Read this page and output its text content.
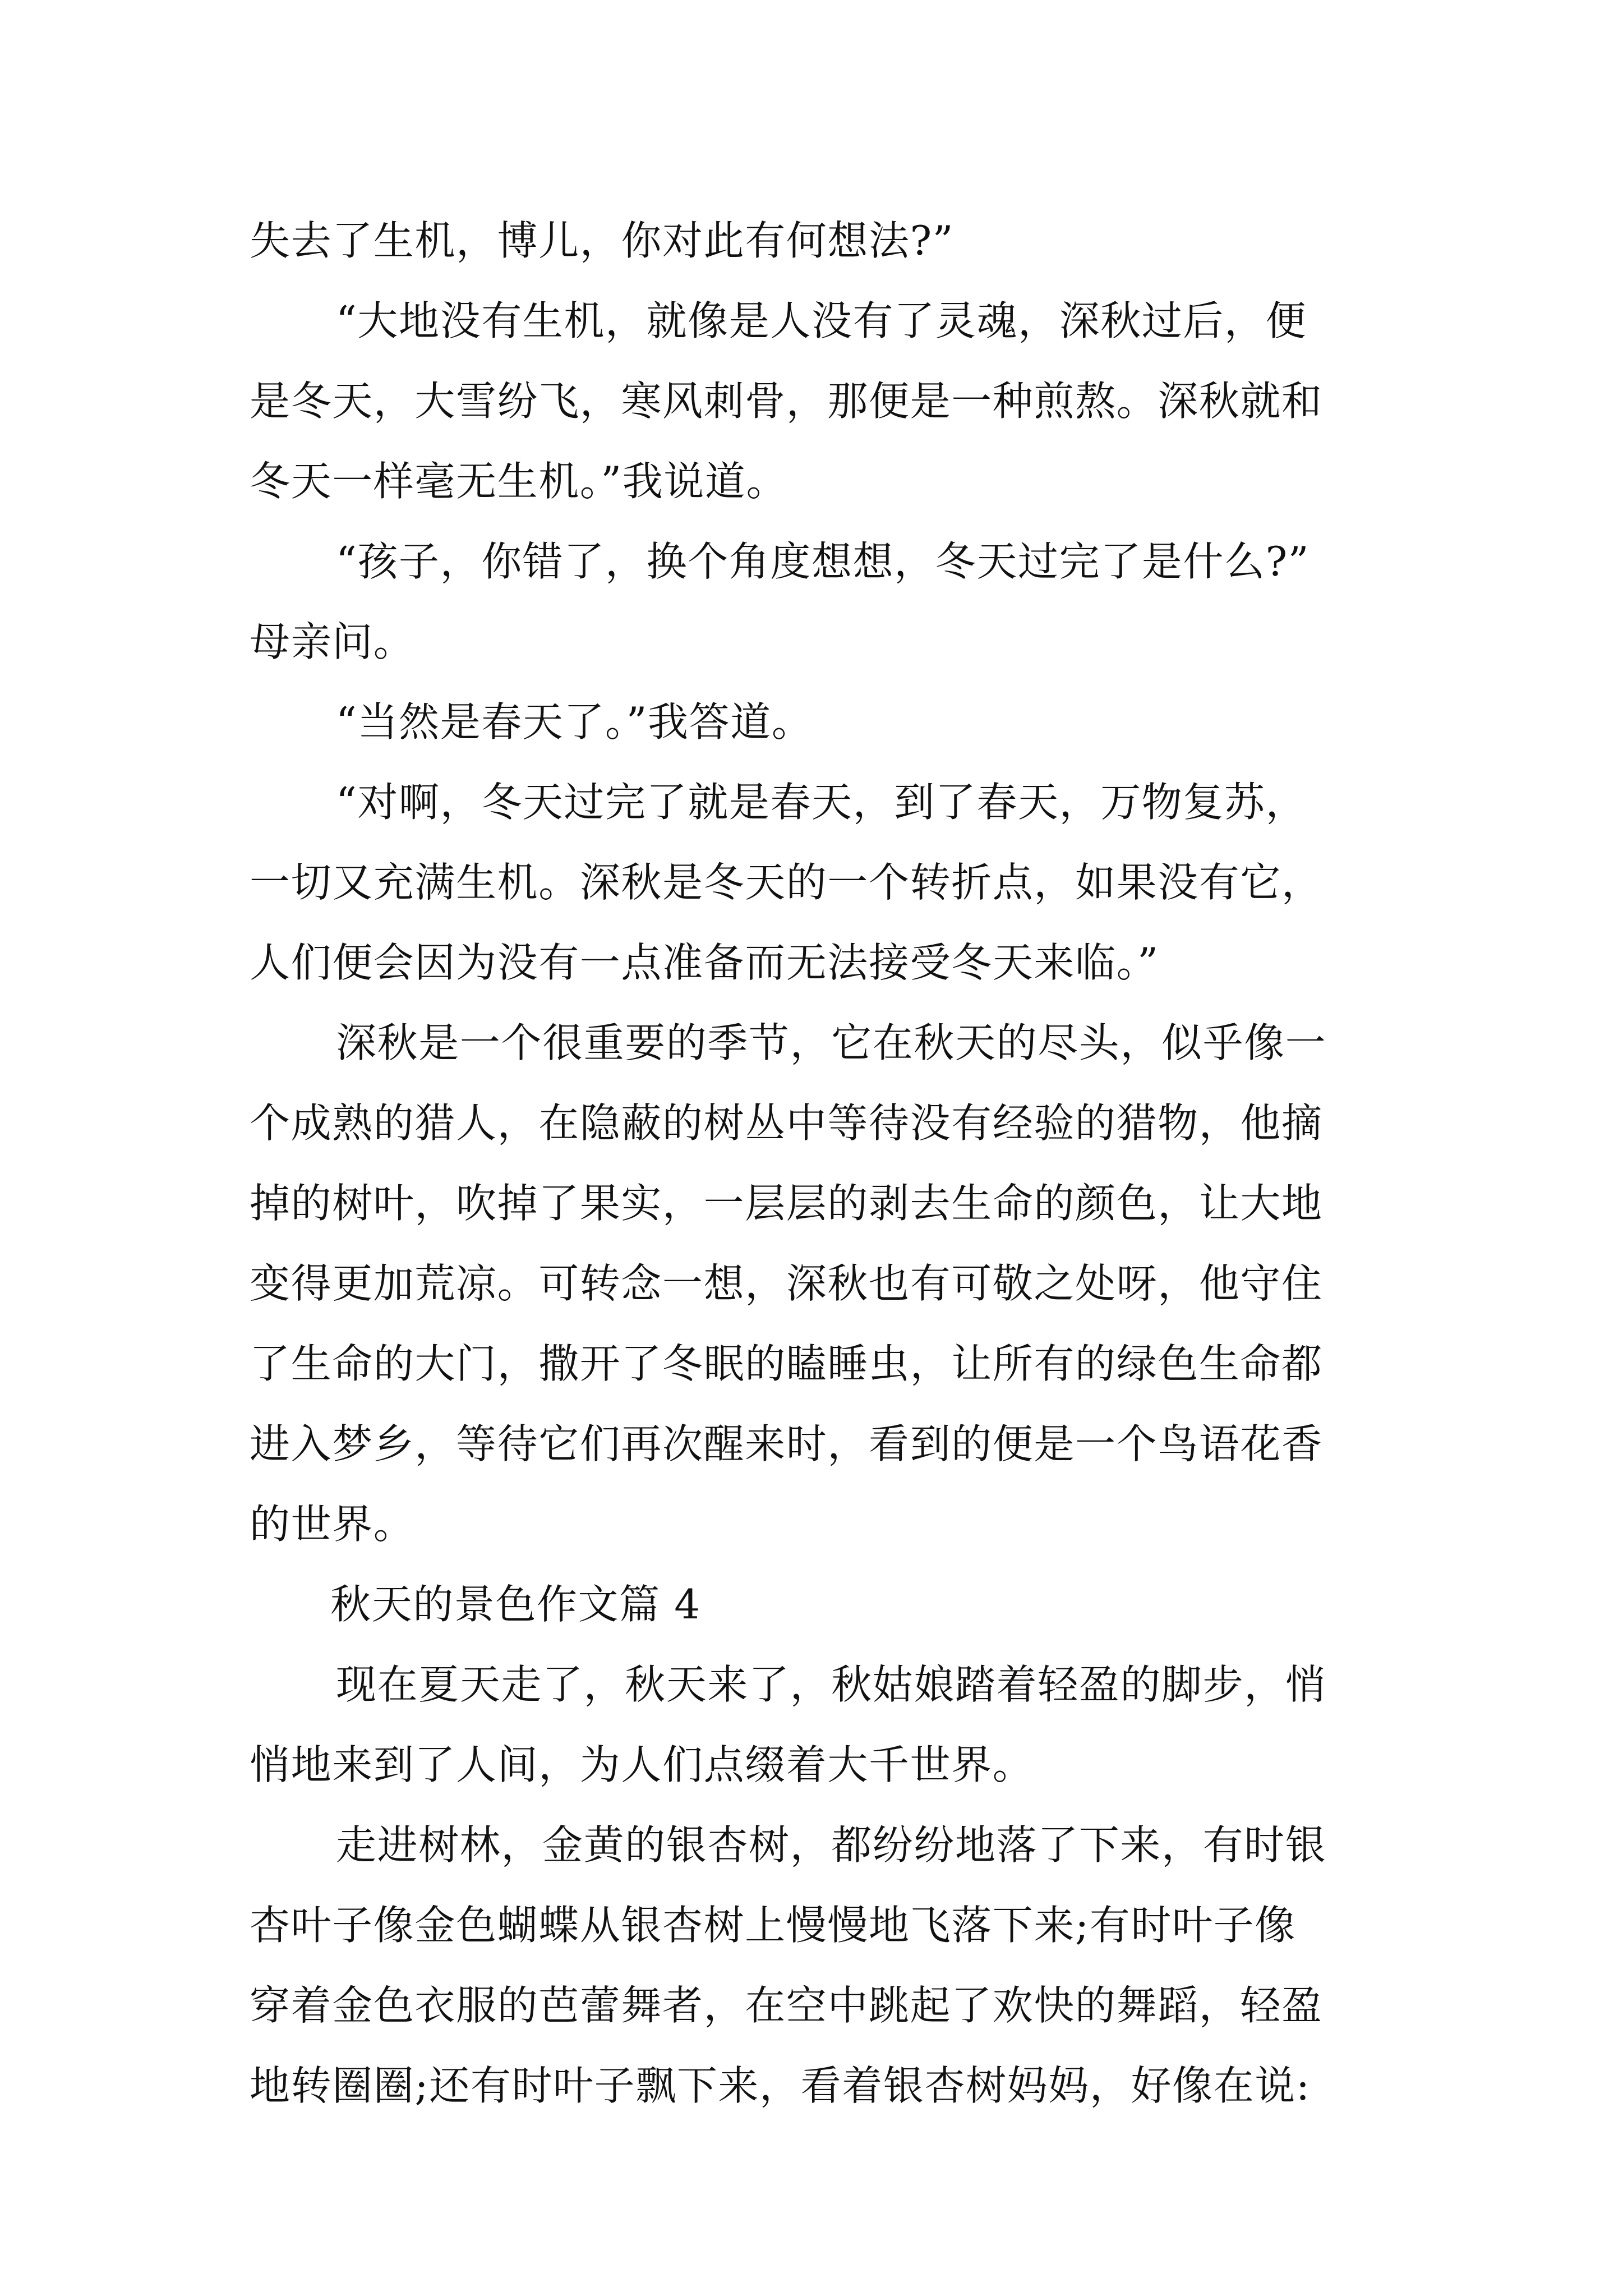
失去了生机，博儿，你对此有何想法?”
“大地没有生机，就像是人没有了灵魂，深秋过后，便
是冬天，大雪纷飞，寒风刺骨，那便是一种煎熬。深秋就和
冬天一样毫无生机。”我说道。
“孩子，你错了，换个角度想想，冬天过完了是什么?”
母亲问。
“当然是春天了。”我答道。
“对啊，冬天过完了就是春天，到了春天，万物复苏，
一切又充满生机。深秋是冬天的一个转折点，如果没有它，
人们便会因为没有一点准备而无法接受冬天来临。”
深秋是一个很重要的季节，它在秋天的尽头，似乎像一
个成熟的猎人，在隐蔽的树丛中等待没有经验的猎物，他摘
掉的树叶，吹掉了果实，一层层的剥去生命的颜色，让大地
变得更加荒凉。可转念一想，深秋也有可敬之处呀，他守住
了生命的大门，撒开了冬眠的瞌睡虫，让所有的绿色生命都
进入梦乡，等待它们再次醒来时，看到的便是一个鸟语花香
的世界。
秋天的景色作文篇 4
现在夏天走了，秋天来了，秋姑娘踏着轻盈的脚步，悄
悄地来到了人间，为人们点缀着大千世界。
走进树林，金黄的银杏树，都纷纷地落了下来，有时银
杏叶子像金色蝴蝶从银杏树上慢慢地飞落下来;有时叶子像
穿着金色衣服的芭蕾舞者，在空中跳起了欢快的舞蹈，轻盈
地转圈圈;还有时叶子飘下来，看着银杏树妈妈，好像在说:
